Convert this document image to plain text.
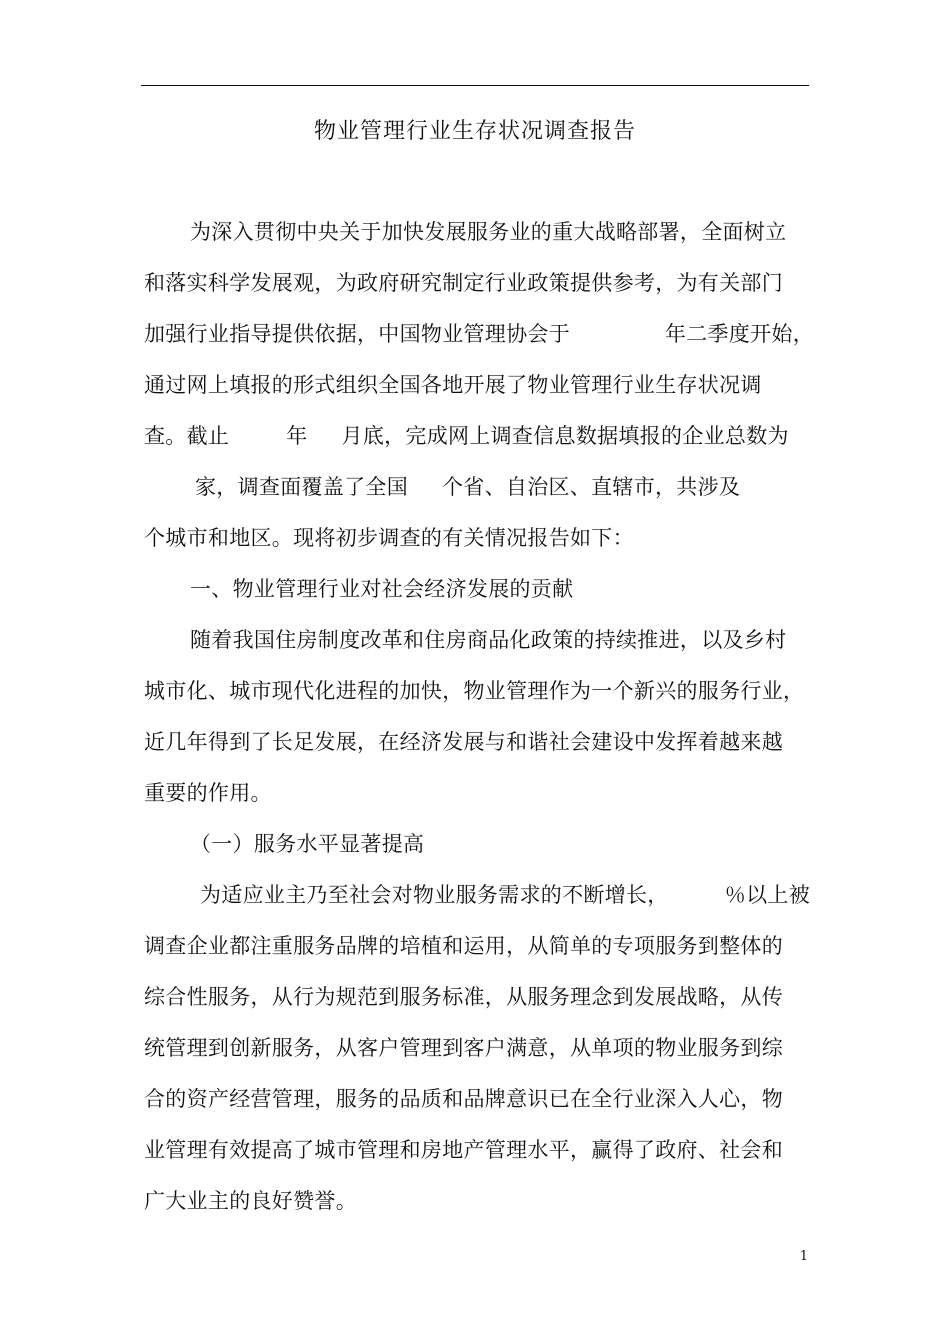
物业管理行业生存状况调查报告
为深入贯彻中央关于加快发展服务业的重大战略部署，全面树立
和落实科学发展观，为政府研究制定行业政策提供参考，为有关部门
加强行业指导提供依据，中国物业管理协会于	年二季度开始，
通过网上填报的形式组织全国各地开展了物业管理行业生存状况调
查。截止	年 月底，完成网上调查信息数据填报的企业总数为
家，调查面覆盖了全国 个省、自治区、直辖市，共涉及
个城市和地区。现将初步调查的有关情况报告如下：
一、物业管理行业对社会经济发展的贡献
随着我国住房制度改革和住房商品化政策的持续推进，以及乡村
城市化、城市现代化进程的加快，物业管理作为一个新兴的服务行业，
近几年得到了长足发展，在经济发展与和谐社会建设中发挥着越来越
重要的作用。
（一）服务水平显著提高
为适应业主乃至社会对物业服务需求的不断增长，	％以上被
调查企业都注重服务品牌的培植和运用，从简单的专项服务到整体的
综合性服务，从行为规范到服务标准，从服务理念到发展战略，从传
统管理到创新服务，从客户管理到客户满意，从单项的物业服务到综
合的资产经营管理，服务的品质和品牌意识已在全行业深入人心，物
业管理有效提高了城市管理和房地产管理水平，赢得了政府、社会和
广大业主的良好赞誉。
1
